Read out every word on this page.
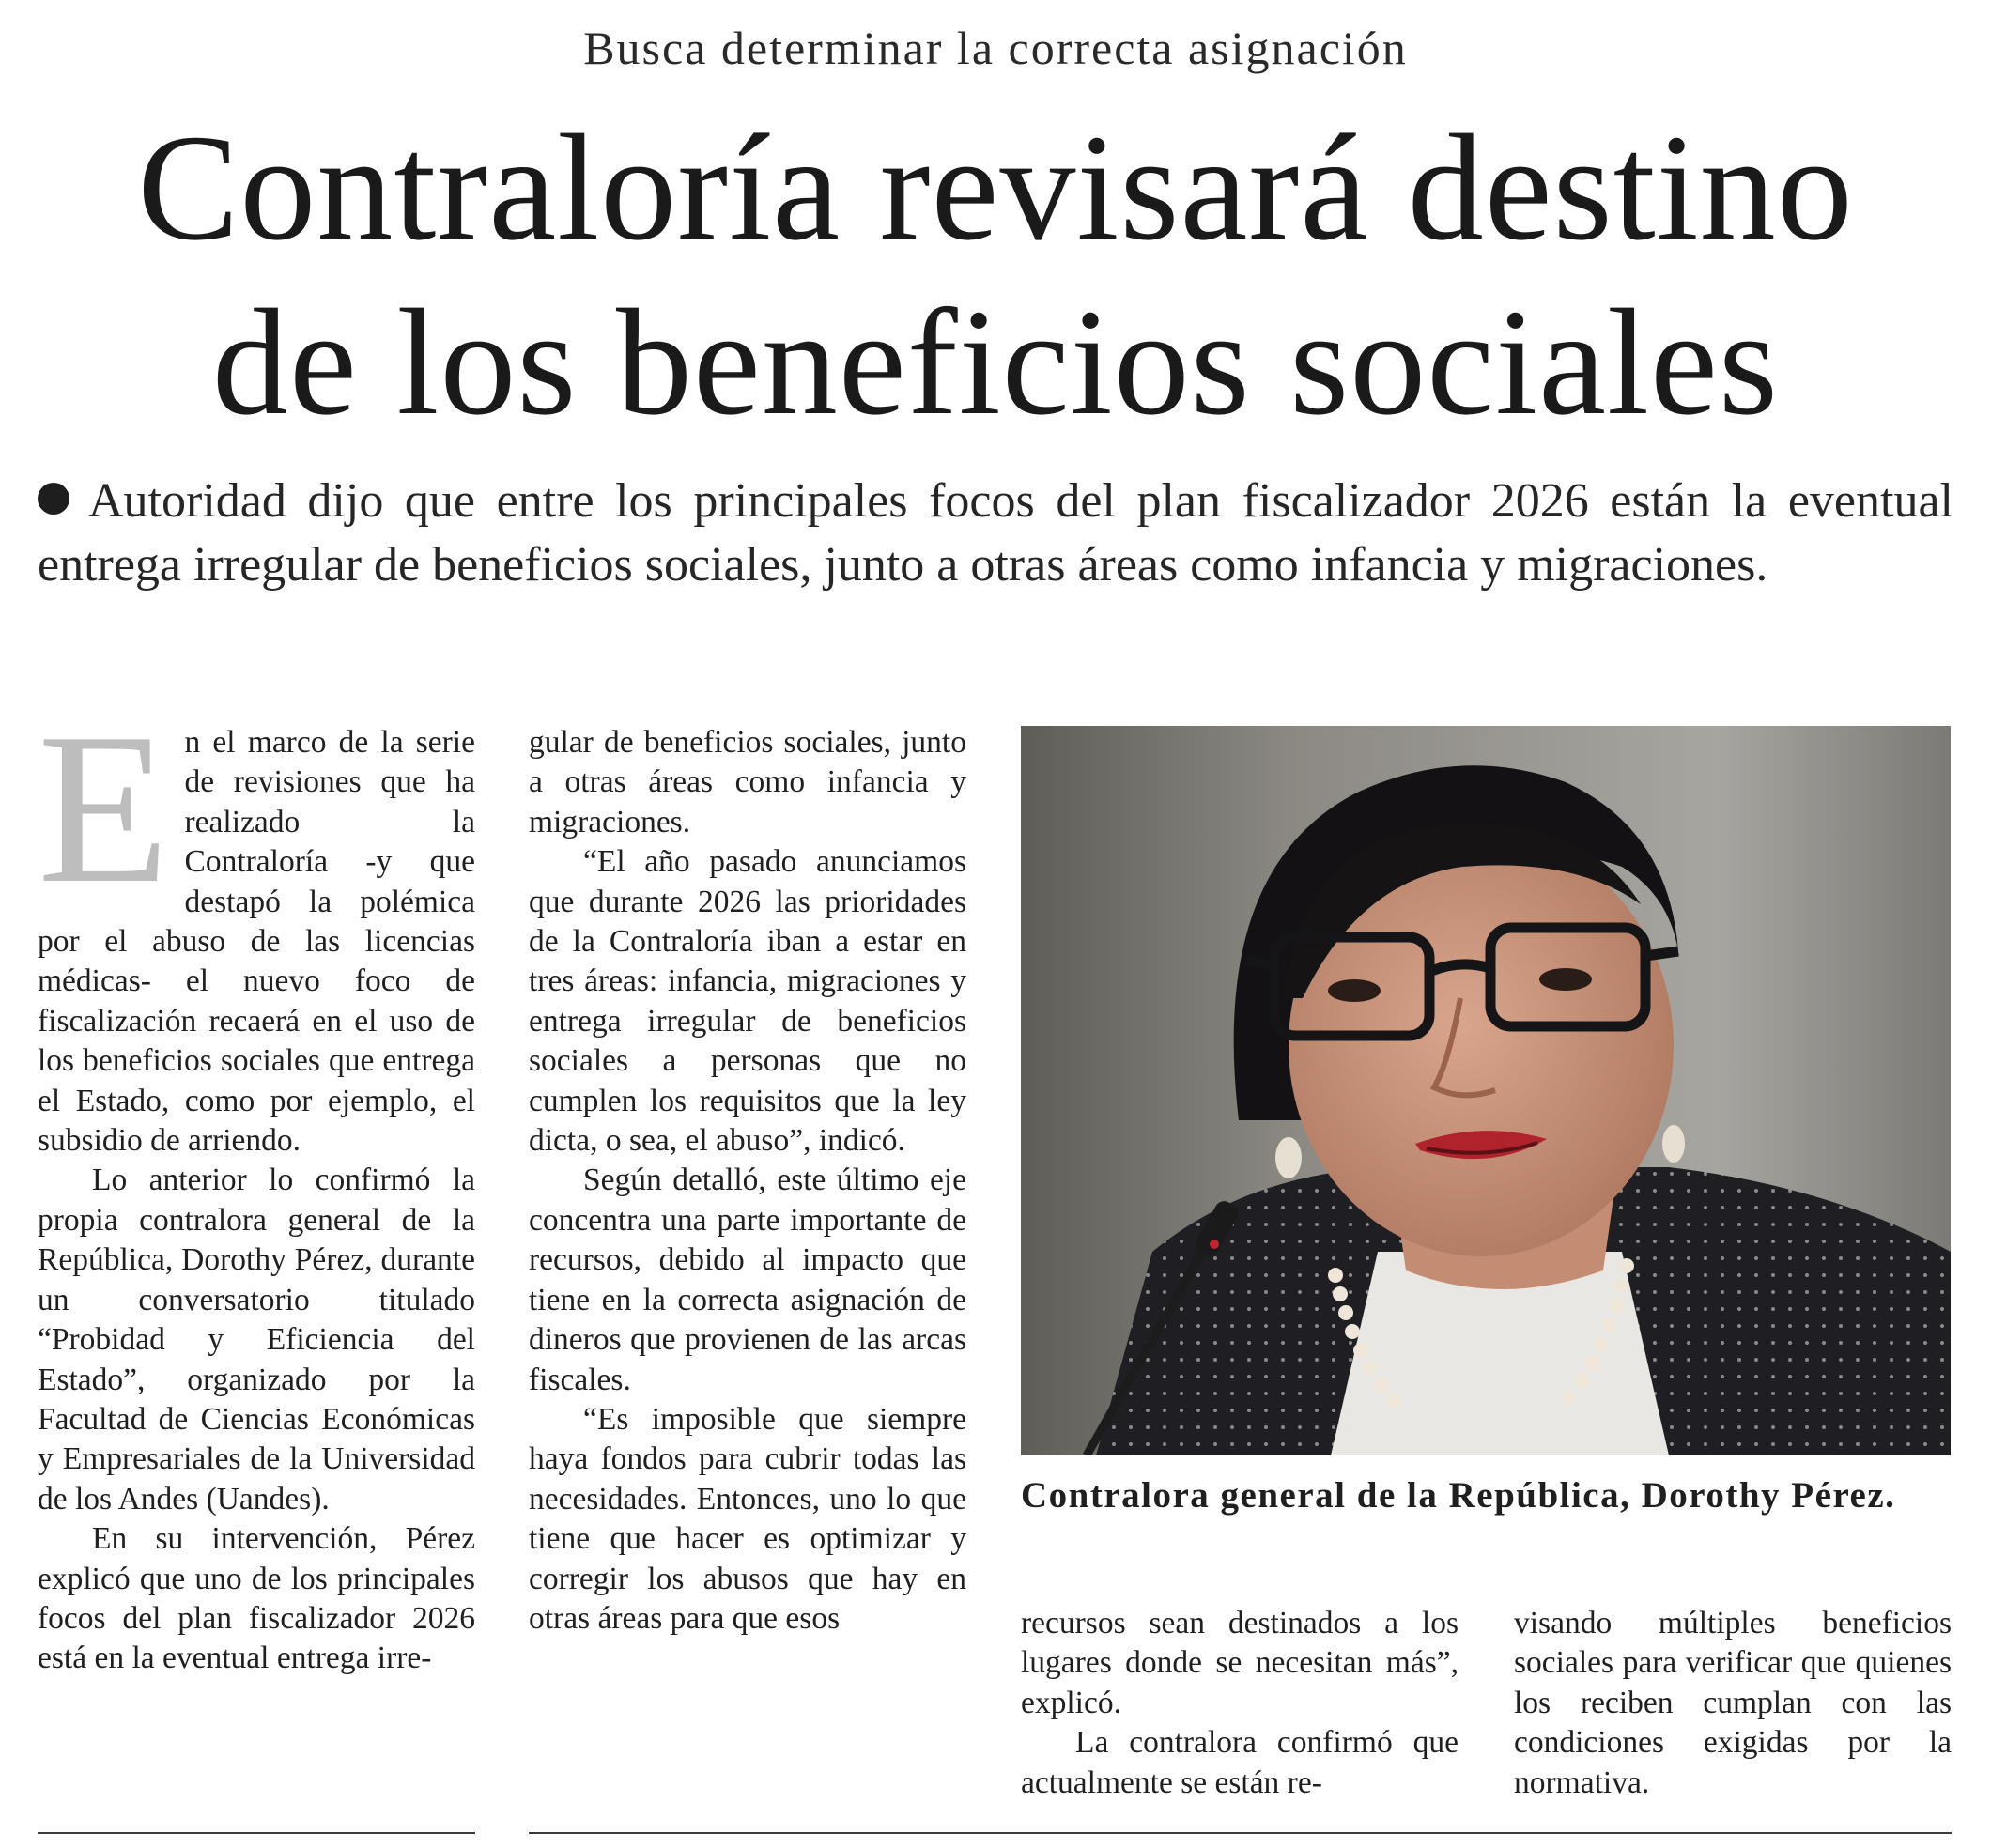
Busca determinar la correcta asignación
Contraloría revisará destino
de los beneficios sociales
Autoridad dijo que entre los principales focos del plan fiscalizador 2026 están la eventual entrega irregular de beneficios sociales, junto a otras áreas como infancia y migraciones.
E n el marco de la serie de revisiones que ha realizado la Contraloría -y que destapó la polémica por el abuso de las licencias médicas- el nuevo foco de fiscalización recaerá en el uso de los beneficios sociales que entrega el Estado, como por ejemplo, el subsidio de arriendo.

Lo anterior lo confirmó la propia contralora general de la República, Dorothy Pérez, durante un conversatorio titulado “Probidad y Eficiencia del Estado”, organizado por la Facultad de Ciencias Económicas y Empresariales de la Universidad de los Andes (Uandes).

En su intervención, Pérez explicó que uno de los principales focos del plan fiscalizador 2026 está en la eventual entrega irre-

gular de beneficios sociales, junto a otras áreas como infancia y migraciones.

“El año pasado anunciamos que durante 2026 las prioridades de la Contraloría iban a estar en tres áreas: infancia, migraciones y entrega irregular de beneficios sociales a personas que no cumplen los requisitos que la ley dicta, o sea, el abuso”, indicó.

Según detalló, este último eje concentra una parte importante de recursos, debido al impacto que tiene en la correcta asignación de dineros que provienen de las arcas fiscales.

“Es imposible que siempre haya fondos para cubrir todas las necesidades. Entonces, uno lo que tiene que hacer es optimizar y corregir los abusos que hay en otras áreas para que esos

Contralora general de la República, Dorothy Pérez.

recursos sean destinados a los lugares donde se necesitan más”, explicó.

La contralora confirmó que actualmente se están re-

visando múltiples beneficios sociales para verificar que quienes los reciben cumplan con las condiciones exigidas por la normativa.
